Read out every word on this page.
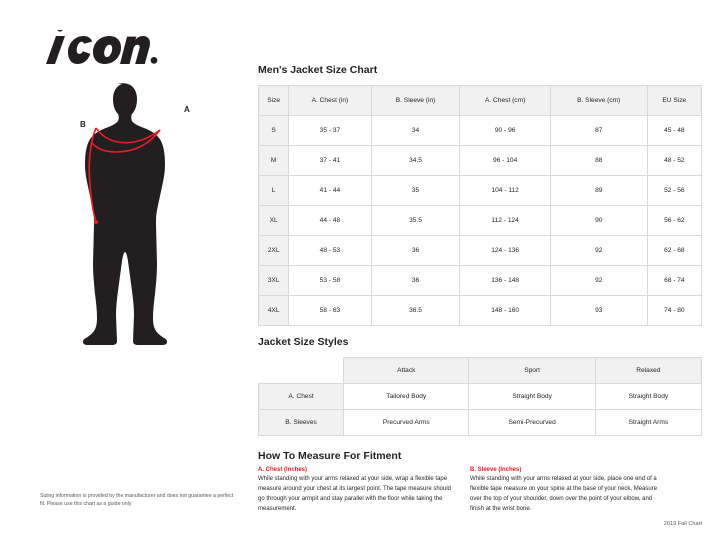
A
B

Sizing information is provided by the manufacturer and does not guarantee a perfect fit. Please use this chart as a guide only

Men's Jacket Size Chart
Size	A. Chest (in)	B. Sleeve (in)	A. Chest (cm)	B. Sleeve (cm)	EU Size
S	35 - 37	34	90 - 96	87	45 - 48
M	37 - 41	34.5	96 - 104	88	48 - 52
L	41 - 44	35	104 - 112	89	52 - 56
XL	44 - 48	35.5	112 - 124	90	56 - 62
2XL	48 - 53	36	124 - 136	92	62 - 68
3XL	53 - 58	36	136 - 148	92	68 - 74
4XL	58 - 63	36.5	148 - 160	93	74 - 80
Jacket Size Styles
	Attack	Sport	Relaxed
A. Chest	Tailored Body	Straight Body	Straight Body
B. Sleeves	Precurved Arms	Semi-Precurved	Straight Arms
How To Measure For Fitment

A. Chest (Inches)

While standing with your arms relaxed at your side, wrap a flexible tape measure around your chest at its largest point. The tape measure should go through your armpit and stay parallel with the floor while taking the measurement.

B. Sleeve (Inches)

While standing with your arms relaxed at your side, place one end of a flexible tape measure on your spine at the base of your neck, Measure over the top of your shoulder, down over the point of your elbow, and finish at the wrist bone.

2019 Fall Chart
